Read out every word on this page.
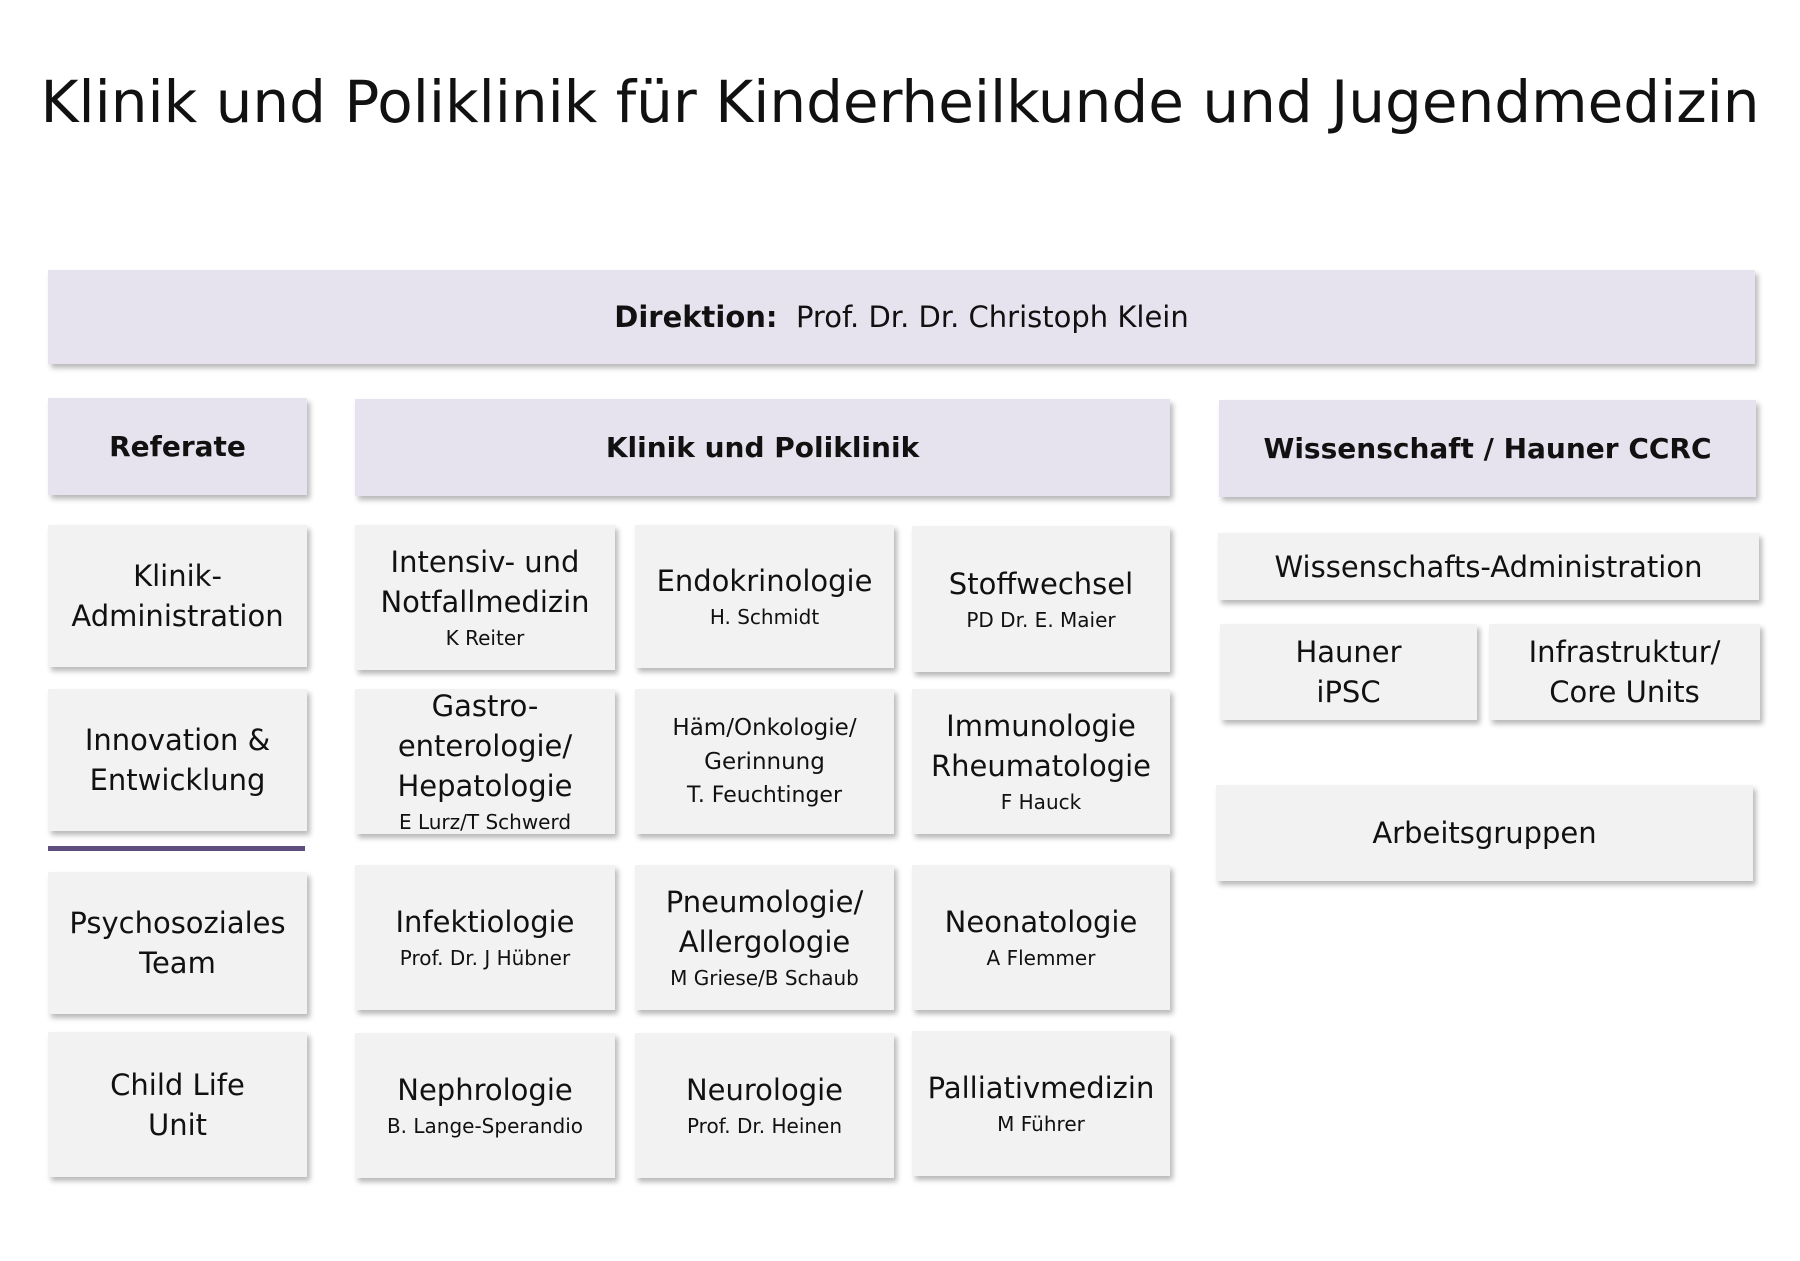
Klinik und Poliklinik für Kinderheilkunde und Jugendmedizin
Direktion: Prof. Dr. Dr. Christoph Klein
Referate	Klinik und Poliklinik	Wissenschaft / Hauner CCRC
Klinik-
Administration
Innovation &
Entwicklung
Psychosoziales
Team
Child Life
Unit
Intensiv- und
Notfallmedizin
K Reiter
Endokrinologie
H. Schmidt
Stoffwechsel
PD Dr. E. Maier
Gastro-
enterologie/
Hepatologie
E Lurz/T Schwerd
Häm/Onkologie/
Gerinnung
T. Feuchtinger
Immunologie
Rheumatologie
F Hauck
Infektiologie
Prof. Dr. J Hübner
Pneumologie/
Allergologie
M Griese/B Schaub
Neonatologie
A Flemmer
Nephrologie
B. Lange-Sperandio
Neurologie
Prof. Dr. Heinen
Palliativmedizin
M Führer
Wissenschafts-Administration
Hauner
iPSC
Infrastruktur/
Core Units
Arbeitsgruppen
